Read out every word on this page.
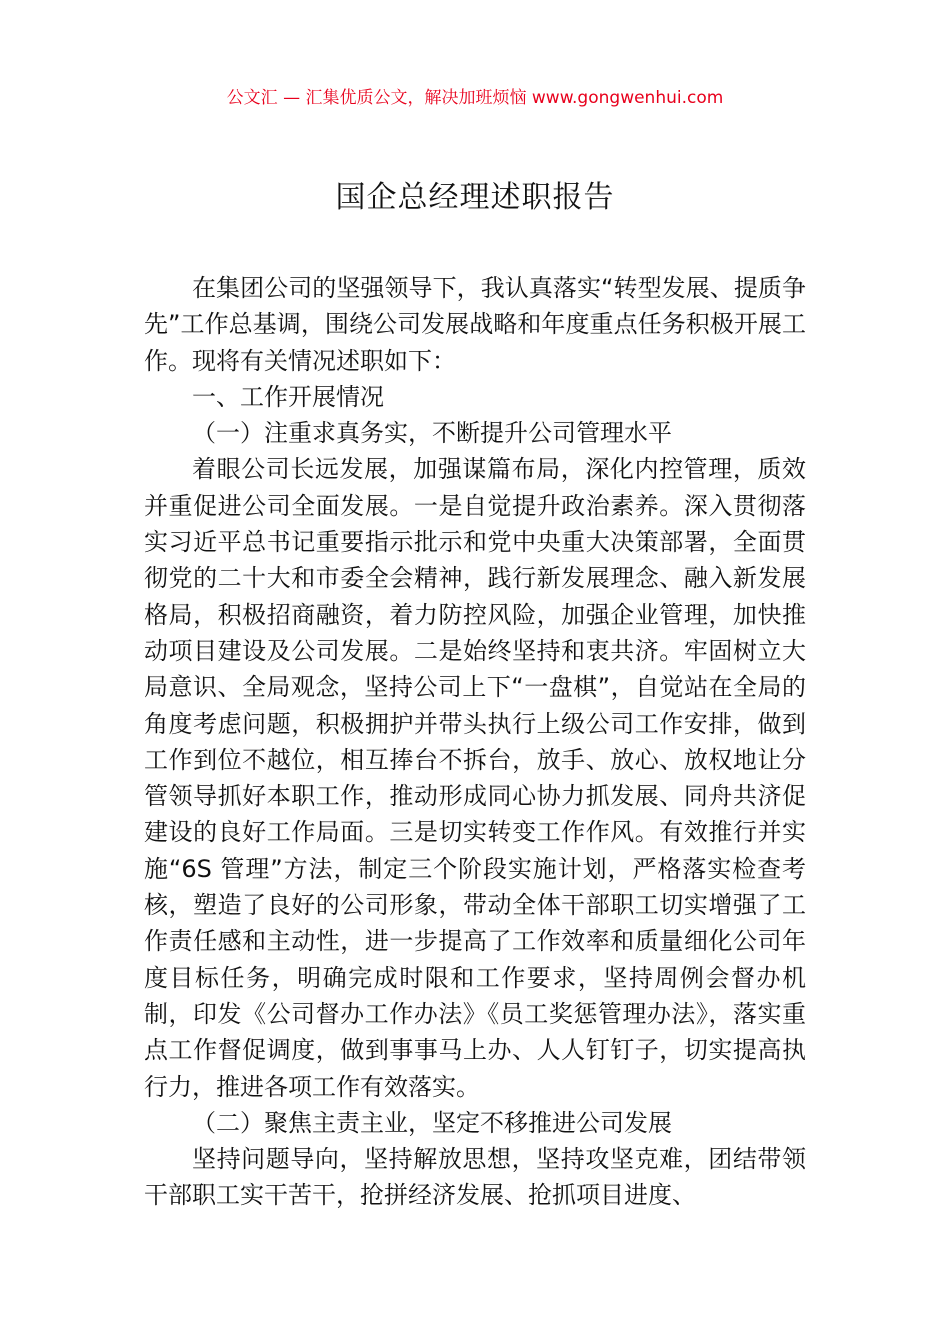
公文汇 — 汇集优质公文，解决加班烦恼 www.gongwenhui.com
国企总经理述职报告

在集团公司的坚强领导下，我认真落实“转型发展、提质争先”工作总基调，围绕公司发展战略和年度重点任务积极开展工作。现将有关情况述职如下：

一、工作开展情况

（一）注重求真务实，不断提升公司管理水平

着眼公司长远发展，加强谋篇布局，深化内控管理，质效并重促进公司全面发展。一是自觉提升政治素养。深入贯彻落实习近平总书记重要指示批示和党中央重大决策部署，全面贯彻党的二十大和市委全会精神，践行新发展理念、融入新发展格局，积极招商融资，着力防控风险，加强企业管理，加快推动项目建设及公司发展。二是始终坚持和衷共济。牢固树立大局意识、全局观念，坚持公司上下“一盘棋”，自觉站在全局的角度考虑问题，积极拥护并带头执行上级公司工作安排，做到工作到位不越位，相互捧台不拆台，放手、放心、放权地让分管领导抓好本职工作，推动形成同心协力抓发展、同舟共济促建设的良好工作局面。三是切实转变工作作风。有效推行并实施“6S 管理”方法，制定三个阶段实施计划，严格落实检查考核，塑造了良好的公司形象，带动全体干部职工切实增强了工作责任感和主动性，进一步提高了工作效率和质量细化公司年度目标任务，明确完成时限和工作要求，坚持周例会督办机制，印发《公司督办工作办法》《员工奖惩管理办法》，落实重点工作督促调度，做到事事马上办、人人钉钉子，切实提高执行力，推进各项工作有效落实。

（二）聚焦主责主业，坚定不移推进公司发展

坚持问题导向，坚持解放思想，坚持攻坚克难，团结带领干部职工实干苦干，抢拼经济发展、抢抓项目进度、
